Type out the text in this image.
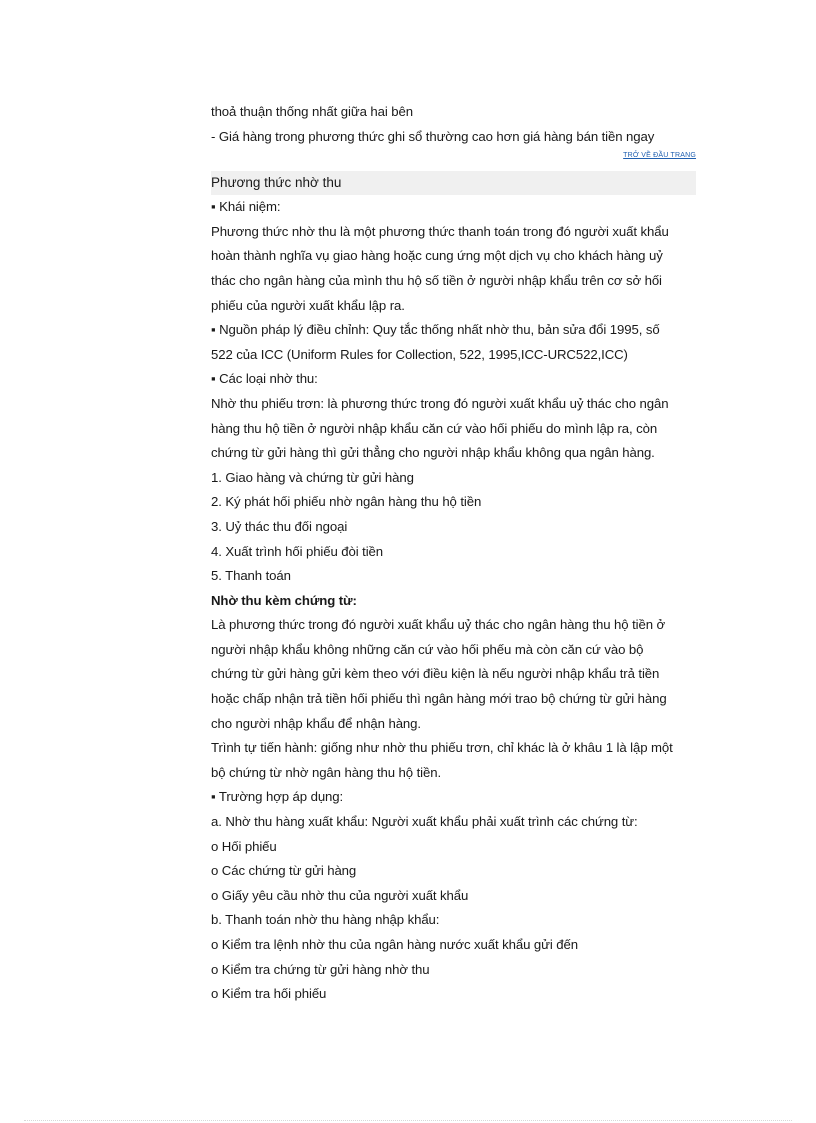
thoả thuận thống nhất giữa hai bên
- Giá hàng trong phương thức ghi sổ thường cao hơn giá hàng bán tiền ngay
TRỞ VỀ ĐẦU TRANG
Phương thức nhờ thu
▪ Khái niệm:
Phương thức nhờ thu là một phương thức thanh toán trong đó người xuất khẩu
hoàn thành nghĩa vụ giao hàng hoặc cung ứng một dịch vụ cho khách hàng uỷ
thác cho ngân hàng của mình thu hộ số tiền ở người nhập khẩu trên cơ sở hối
phiếu của người xuất khẩu lập ra.
▪ Nguồn pháp lý điều chỉnh: Quy tắc thống nhất nhờ thu, bản sửa đổi 1995, số
522 của ICC (Uniform Rules for Collection, 522, 1995,ICC-URC522,ICC)
▪ Các loại nhờ thu:
Nhờ thu phiếu trơn: là phương thức trong đó người xuất khẩu uỷ thác cho ngân
hàng thu hộ tiền ở người nhập khẩu căn cứ vào hối phiếu do mình lập ra, còn
chứng từ gửi hàng thì gửi thẳng cho người nhập khẩu không qua ngân hàng.
1. Giao hàng và chứng từ gửi hàng
2. Ký phát hối phiếu nhờ ngân hàng thu hộ tiền
3. Uỷ thác thu đối ngoại
4. Xuất trình hối phiếu đòi tiền
5. Thanh toán
Nhờ thu kèm chứng từ:
Là phương thức trong đó người xuất khẩu uỷ thác cho ngân hàng thu hộ tiền ở
người nhập khẩu không những căn cứ vào hối phếu mà còn căn cứ vào bộ
chứng từ gửi hàng gửi kèm theo với điều kiện là nếu người nhập khẩu trả tiền
hoặc chấp nhận trả tiền hối phiếu thì ngân hàng mới trao bộ chứng từ gửi hàng
cho người nhập khẩu để nhận hàng.
Trình tự tiến hành: giống như nhờ thu phiếu trơn, chỉ khác là ở khâu 1 là lập một
bộ chứng từ nhờ ngân hàng thu hộ tiền.
▪ Trường hợp áp dụng:
a. Nhờ thu hàng xuất khẩu: Người xuất khẩu phải xuất trình các chứng từ:
o Hối phiếu
o Các chứng từ gửi hàng
o Giấy yêu cầu nhờ thu của người xuất khẩu
b. Thanh toán nhờ thu hàng nhập khẩu:
o Kiểm tra lệnh nhờ thu của ngân hàng nước xuất khẩu gửi đến
o Kiểm tra chứng từ gửi hàng nhờ thu
o Kiểm tra hối phiếu
